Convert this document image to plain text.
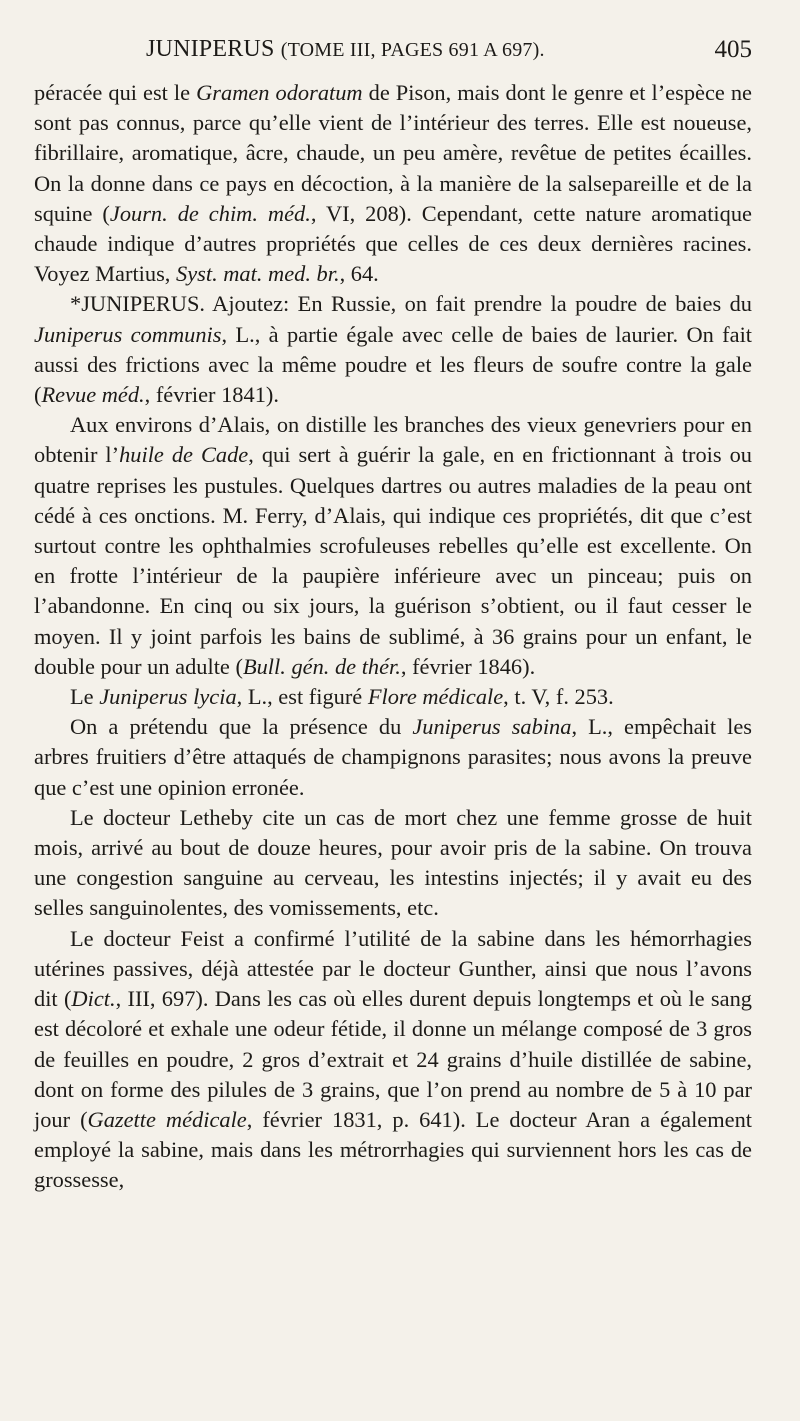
JUNIPERUS (TOME III, PAGES 691 A 697).	405

péracée qui est le Gramen odoratum de Pison, mais dont le genre et l’espèce ne sont pas connus, parce qu’elle vient de l’intérieur des terres. Elle est noueuse, fibrillaire, aromatique, âcre, chaude, un peu amère, revêtue de petites écailles. On la donne dans ce pays en décoction, à la manière de la salsepareille et de la squine (Journ. de chim. méd., VI, 208). Cependant, cette nature aromatique chaude indique d’autres propriétés que celles de ces deux dernières racines. Voyez Martius, Syst. mat. med. br., 64.

*JUNIPERUS. Ajoutez: En Russie, on fait prendre la poudre de baies du Juniperus communis, L., à partie égale avec celle de baies de laurier. On fait aussi des frictions avec la même poudre et les fleurs de soufre contre la gale (Revue méd., février 1841).

Aux environs d’Alais, on distille les branches des vieux genevriers pour en obtenir l’huile de Cade, qui sert à guérir la gale, en en frictionnant à trois ou quatre reprises les pustules. Quelques dartres ou autres maladies de la peau ont cédé à ces onctions. M. Ferry, d’Alais, qui indique ces propriétés, dit que c’est surtout contre les ophthalmies scrofuleuses rebelles qu’elle est excellente. On en frotte l’intérieur de la paupière inférieure avec un pinceau; puis on l’abandonne. En cinq ou six jours, la guérison s’obtient, ou il faut cesser le moyen. Il y joint parfois les bains de sublimé, à 36 grains pour un enfant, le double pour un adulte (Bull. gén. de thér., février 1846).

Le Juniperus lycia, L., est figuré Flore médicale, t. V, f. 253.

On a prétendu que la présence du Juniperus sabina, L., empêchait les arbres fruitiers d’être attaqués de champignons parasites; nous avons la preuve que c’est une opinion erronée.

Le docteur Letheby cite un cas de mort chez une femme grosse de huit mois, arrivé au bout de douze heures, pour avoir pris de la sabine. On trouva une congestion sanguine au cerveau, les intestins injectés; il y avait eu des selles sanguinolentes, des vomissements, etc.

Le docteur Feist a confirmé l’utilité de la sabine dans les hémorrhagies utérines passives, déjà attestée par le docteur Gunther, ainsi que nous l’avons dit (Dict., III, 697). Dans les cas où elles durent depuis longtemps et où le sang est décoloré et exhale une odeur fétide, il donne un mélange composé de 3 gros de feuilles en poudre, 2 gros d’extrait et 24 grains d’huile distillée de sabine, dont on forme des pilules de 3 grains, que l’on prend au nombre de 5 à 10 par jour (Gazette médicale, février 1831, p. 641). Le docteur Aran a également employé la sabine, mais dans les métrorrhagies qui surviennent hors les cas de grossesse,
